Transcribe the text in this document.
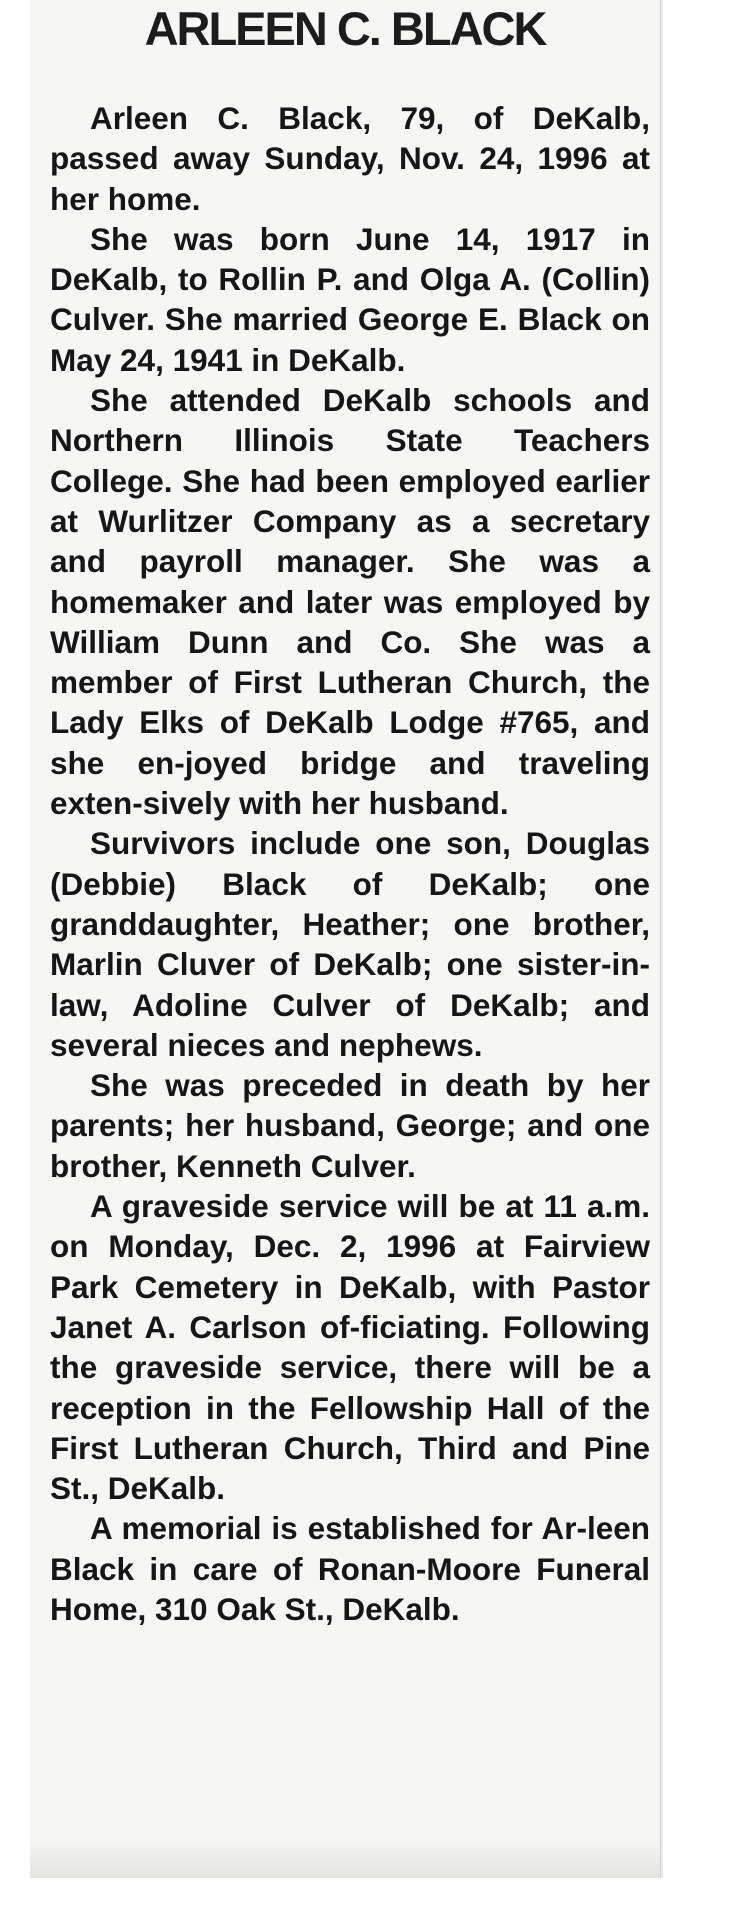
ARLEEN C. BLACK

Arleen C. Black, 79, of DeKalb, passed away Sunday, Nov. 24, 1996 at her home.

She was born June 14, 1917 in DeKalb, to Rollin P. and Olga A. (Collin) Culver. She married George E. Black on May 24, 1941 in DeKalb.

She attended DeKalb schools and Northern Illinois State Teachers College. She had been employed earlier at Wurlitzer Company as a secretary and payroll manager. She was a homemaker and later was employed by William Dunn and Co. She was a member of First Lutheran Church, the Lady Elks of DeKalb Lodge #765, and she en-joyed bridge and traveling exten-sively with her husband.

Survivors include one son, Douglas (Debbie) Black of DeKalb; one granddaughter, Heather; one brother, Marlin Cluver of DeKalb; one sister-in-law, Adoline Culver of DeKalb; and several nieces and nephews.

She was preceded in death by her parents; her husband, George; and one brother, Kenneth Culver.

A graveside service will be at 11 a.m. on Monday, Dec. 2, 1996 at Fairview Park Cemetery in DeKalb, with Pastor Janet A. Carlson of-ficiating. Following the graveside service, there will be a reception in the Fellowship Hall of the First Lutheran Church, Third and Pine St., DeKalb.

A memorial is established for Ar-leen Black in care of Ronan-Moore Funeral Home, 310 Oak St., DeKalb.
